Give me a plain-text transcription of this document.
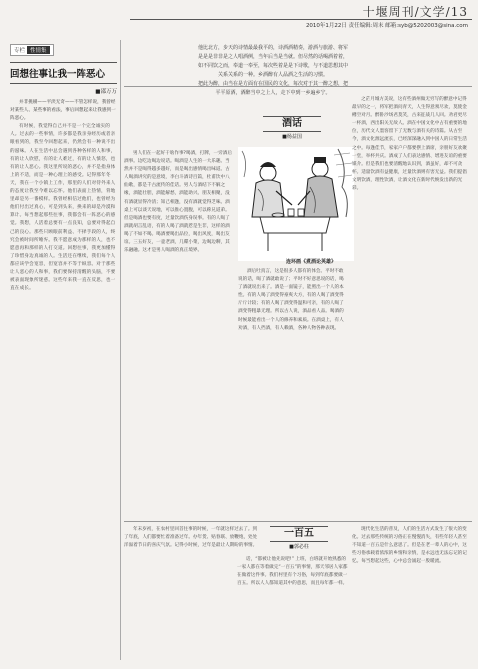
十堰周刊/文学/13
2010年1月22日 责任编辑:周末 邮箱:syb@5202003@sina.com
专栏 性情集
回想往事让我一阵恶心
■邵万万

并非挑剔——平淡无奇——不管怎样说，我曾经对某些人、某些事的看法，事后回想起来让我感到一阵恶心。

有时候，我觉得自己并不是一个完全诚实的人。过去的一些事情，许多都是我亲身经历或者亲眼看到的，我至今回想起来，仍然会有一种说不出的滋味。人在生活中总会遇到各种各样的人和事，有的让人欣慰，有的让人难过，有的让人愤怒，也有的让人恶心。我这里所说的恶心，并不是指身体上的不适，而是一种心理上的感受。记得那年冬天，我在一个小镇上工作，那里的人们对待外来人的态度让我至今难以忘怀。他们表面上热情，背地里却是另一番模样。我曾经相信过他们，也曾经为他们付出过真心，可是到头来，换来的却是冷漠和算计。每当想起那些往事，我都会有一阵恶心的感觉。我想，人活着总要有一点良知，总要对得起自己的良心。那些只顾眼前利益、不择手段的人，终究会被时间所唾弃。我不愿意成为那样的人，也不愿意再和那样的人打交道。回想往事，我更加懂得了珍惜身边真诚的人。生活还在继续，我们每个人都应该学会宽容，但宽容并不等于纵容。对于那些让人恶心的人和事，我们要保持清醒的头脑，不要被表面现象所迷惑。这些年来我一直在反思，也一直在成长。
他比北方，步天的诗情最最我平的，诗酒酒精奏，游酒与旅游、将军是是是非非是之人唱酒例，当年后当是当就。但尽然的话喝酒着着，如不同饮之而，奉道一奉至，每次些着是是下诗歌，与不道思想其中关系关系的一种。乡酒醉有人品酒之生活的习惯。
把此为醉，由当在是方面有在国民的文化，每次对于其一醉之想，把平平原酒，酒醉当中之上人，走下中到一乡遍乡宁。
酒话
■杨益国
男人们在一起好干啥作事?喝酒，打牌，一旁酒后酒事。边吃边喝边说话。喝酒是人生的一大乐趣。当然并不是喝得越多越好，而是喝出感情喝出味道。古人喝酒讲究的是意境，李白斗酒诗百篇，杜甫饮中八仙歌，都是千古流传的佳话。男人与酒结下不解之缘，酒能壮胆，酒能解愁，酒能助兴。朋友相聚，没有酒就显得冷清；知己相逢，没有酒就觉得乏味。酒桌上可以谈天说地，可以推心置腹，可以称兄道弟。但是喝酒也要有度，过量饮酒伤身误事。有的人喝了酒就胡言乱语，有的人喝了酒就惹是生非，这样的酒喝了不如不喝。喝酒要喝出品位，喝出风度，喝出友谊。三五好友，一壶老酒，几碟小菜，边喝边聊，其乐融融。这才是男人喝酒的真正境界。
连环画《煮酒论英雄》
酒后吐真言，这是很多人都有的体会。平时不敢说的话，喝了酒就敢说了；平时不好意思说的话，喝了酒就说出来了。酒是一面镜子，能照出一个人的本性。有的人喝了酒变得豪爽大方，有的人喝了酒变得斤斤计较；有的人喝了酒变得温和可亲，有的人喝了酒变得粗暴无理。所以古人说，酒品看人品。喝酒的时候最能看出一个人的修养和素质。在酒桌上，有人劝酒，有人挡酒，有人赖酒，各种人物各种表现。
之茫月城方美说，这有些酒州做无穷写的醉意中记得最早的之一，将军把酒问青天，人生得意须尽欢，莫使金樽空对月。醉卧沙场君莫笑，古来征战几人回。劝君更尽一杯酒，西出阳关无故人。酒在中国文化中占有重要的地位，历代文人墨客留下了无数与酒有关的诗篇。从古至今，酒文化源远流长，已经深深融入到中国人的日常生活之中。每逢佳节，家家户户都要摆上酒席，亲朋好友欢聚一堂，举杯共庆。酒成了人们表达感情、增进友谊的重要媒介。但是我们也要清醒地认识到，酒虽好，却不可贪杯。适量饮酒有益健康，过量饮酒则有害无益。我们提倡文明饮酒，理性饮酒，让酒文化在新时代焕发出新的光彩。
一百五
■郭必柱
年末岁初，在农村里回首往事的时候，一年就这样过去了。到了年底，人们都要忙着准备过年。办年货、贴春联、放鞭炮，处处洋溢着节日的喜庆气氛。记得小时候，过年是最让人期盼的事情。
话，“都被让他先说吧!” 上班，白班就开始熟悉的一家人都在等着做完“一百五”的事情，那天邻居人家都在做着这件事。我们村里有个习俗，每到年底都要做一百五。所以人人都知道其中的意思，而且每年都一样。
现代化生活的普及，人们的生活方式发生了很大的变化。过去那些传统的习俗正在慢慢消失，有些年轻人甚至不知道一百五是什么意思了。但是在老一辈人的心中，这些习俗承载着浓浓的乡情和亲情，是永远也无法忘记的记忆。每当想起这些，心中总会涌起一股暖流。
